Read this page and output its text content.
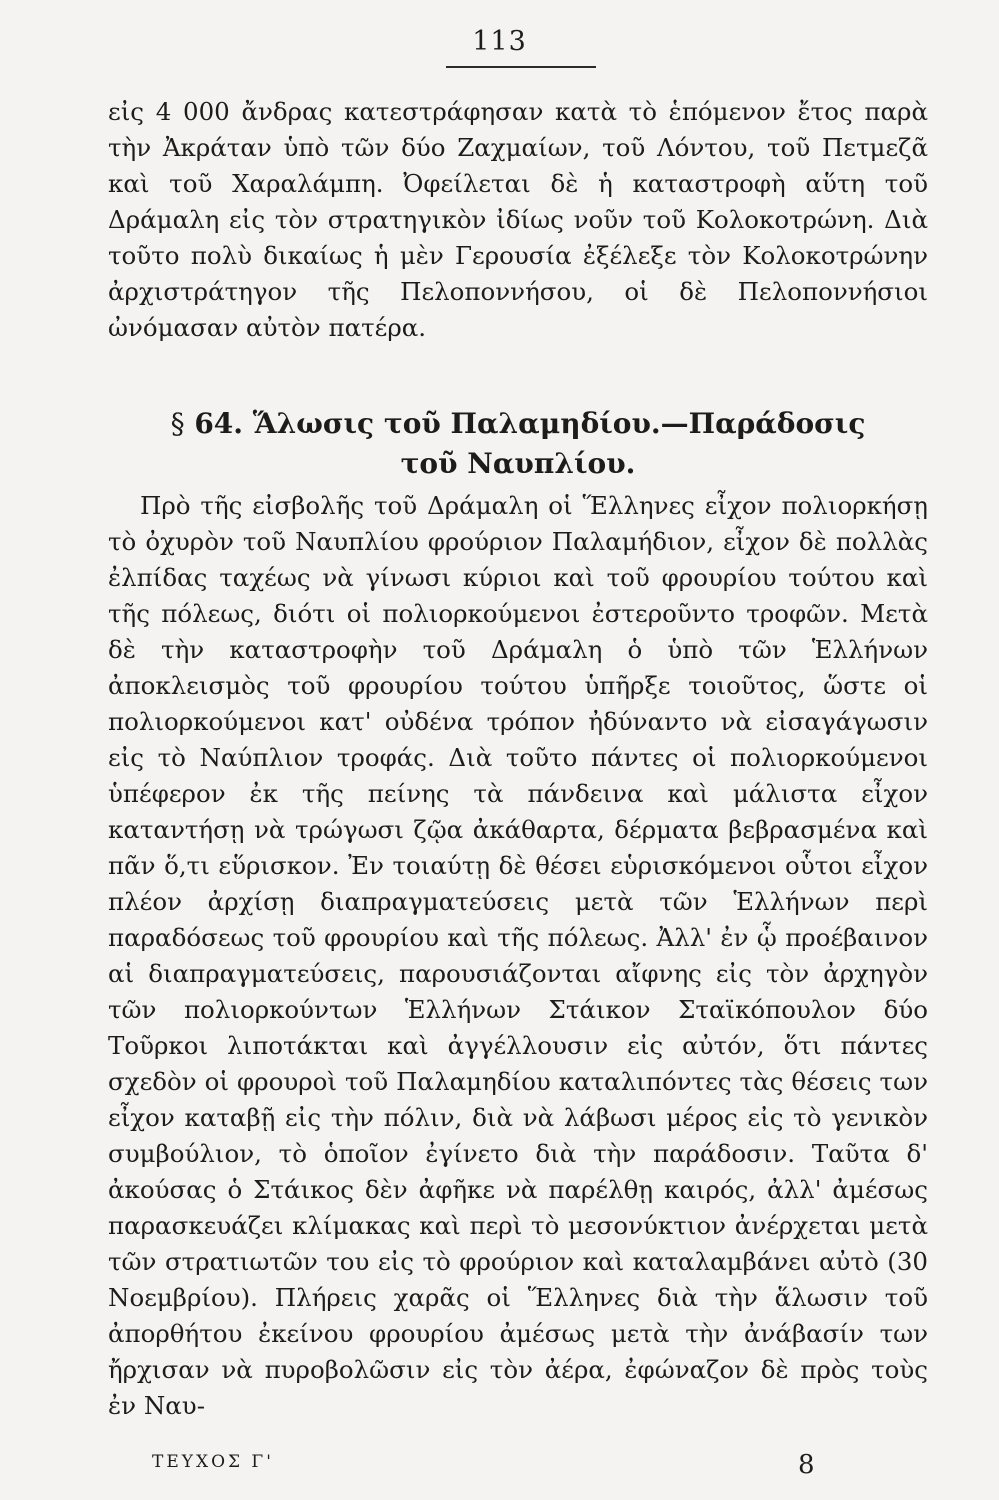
113

εἰς 4 000 ἄνδρας κατεστράφησαν κατὰ τὸ ἑπόμενον ἔτος παρὰ τὴν Ἀκράταν ὑπὸ τῶν δύο Ζαχμαίων, τοῦ Λόντου, τοῦ Πετμεζᾶ καὶ τοῦ Χαραλάμπη. Ὀφείλεται δὲ ἡ καταστροφὴ αὕτη τοῦ Δράμαλη εἰς τὸν στρατηγικὸν ἰδίως νοῦν τοῦ Κολοκοτρώνη. Διὰ τοῦτο πολὺ δικαίως ἡ μὲν Γερουσία ἐξέλεξε τὸν Κολοκοτρώνην ἀρχιστράτηγον τῆς Πελοποννήσου, οἱ δὲ Πελοποννήσιοι ὠνόμασαν αὐτὸν πατέρα.

§ 64. Ἅλωσις τοῦ Παλαμηδίου.—Παράδοσις
τοῦ Ναυπλίου.

Πρὸ τῆς εἰσβολῆς τοῦ Δράμαλη οἱ Ἕλληνες εἶχον πολιορκήσῃ τὸ ὀχυρὸν τοῦ Ναυπλίου φρούριον Παλαμήδιον, εἶχον δὲ πολλὰς ἐλπίδας ταχέως νὰ γίνωσι κύριοι καὶ τοῦ φρουρίου τούτου καὶ τῆς πόλεως, διότι οἱ πολιορκούμενοι ἐστεροῦντο τροφῶν. Μετὰ δὲ τὴν καταστροφὴν τοῦ Δράμαλη ὁ ὑπὸ τῶν Ἑλλήνων ἀποκλεισμὸς τοῦ φρουρίου τούτου ὑπῆρξε τοιοῦτος, ὥστε οἱ πολιορκούμενοι κατ' οὐδένα τρόπον ἠδύναντο νὰ εἰσαγάγωσιν εἰς τὸ Ναύπλιον τροφάς. Διὰ τοῦτο πάντες οἱ πολιορκούμενοι ὑπέφερον ἐκ τῆς πείνης τὰ πάνδεινα καὶ μάλιστα εἶχον καταντήσῃ νὰ τρώγωσι ζῷα ἀκάθαρτα, δέρματα βεβρασμένα καὶ πᾶν ὅ,τι εὕρισκον. Ἐν τοιαύτῃ δὲ θέσει εὑρισκόμενοι οὗτοι εἶχον πλέον ἀρχίσῃ διαπραγματεύσεις μετὰ τῶν Ἑλλήνων περὶ παραδόσεως τοῦ φρουρίου καὶ τῆς πόλεως. Ἀλλ' ἐν ᾧ προέβαινον αἱ διαπραγματεύσεις, παρουσιάζονται αἴφνης εἰς τὸν ἀρχηγὸν τῶν πολιορκούντων Ἑλλήνων Στάικον Σταϊκόπουλον δύο Τοῦρκοι λιποτάκται καὶ ἀγγέλλουσιν εἰς αὐτόν, ὅτι πάντες σχεδὸν οἱ φρουροὶ τοῦ Παλαμηδίου καταλιπόντες τὰς θέσεις των εἶχον καταβῇ εἰς τὴν πόλιν, διὰ νὰ λάβωσι μέρος εἰς τὸ γενικὸν συμβούλιον, τὸ ὁποῖον ἐγίνετο διὰ τὴν παράδοσιν. Ταῦτα δ' ἀκούσας ὁ Στάικος δὲν ἀφῆκε νὰ παρέλθῃ καιρός, ἀλλ' ἀμέσως παρασκευάζει κλίμακας καὶ περὶ τὸ μεσονύκτιον ἀνέρχεται μετὰ τῶν στρατιωτῶν του εἰς τὸ φρούριον καὶ καταλαμβάνει αὐτὸ (30 Νοεμβρίου). Πλήρεις χαρᾶς οἱ Ἕλληνες διὰ τὴν ἅλωσιν τοῦ ἀπορθήτου ἐκείνου φρουρίου ἀμέσως μετὰ τὴν ἀνάβασίν των ἤρχισαν νὰ πυροβολῶσιν εἰς τὸν ἀέρα, ἐφώναζον δὲ πρὸς τοὺς ἐν Ναυ-

ΤΕΥΧΟΣ Γ'	8
